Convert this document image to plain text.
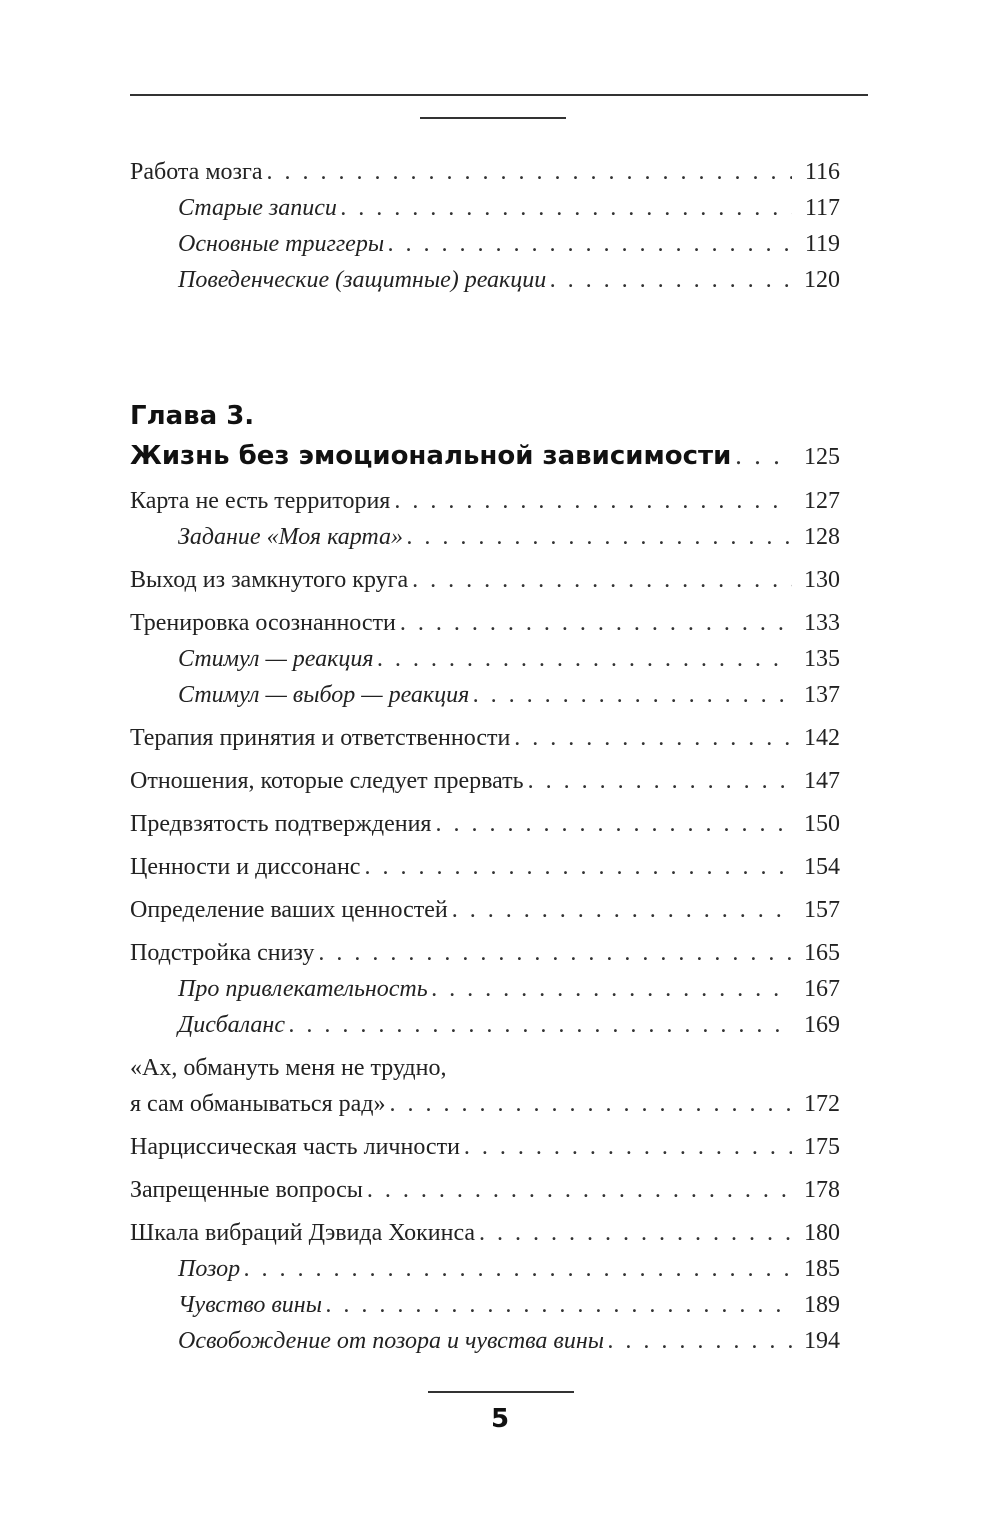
Работа мозга . . .	116
Старые записи . . .	117
Основные триггеры . . .	119
Поведенческие (защитные) реакции . . .	120
Глава 3.
Жизнь без эмоциональной зависимости . . .	125
Карта не есть территория . . .	127
Задание «Моя карта» . . .	128
Выход из замкнутого круга . . .	130
Тренировка осознанности . . .	133
Стимул — реакция . . .	135
Стимул — выбор — реакция . . .	137
Терапия принятия и ответственности . . .	142
Отношения, которые следует прервать . . .	147
Предвзятость подтверждения . . .	150
Ценности и диссонанс . . .	154
Определение ваших ценностей . . .	157
Подстройка снизу . . .	165
Про привлекательность . . .	167
Дисбаланс . . .	169
«Ах, обмануть меня не трудно,
я сам обманываться рад» . . .	172
Нарциссическая часть личности . . .	175
Запрещенные вопросы . . .	178
Шкала вибраций Дэвида Хокинса . . .	180
Позор . . .	185
Чувство вины . . .	189
Освобождение от позора и чувства вины . . .	194
5
